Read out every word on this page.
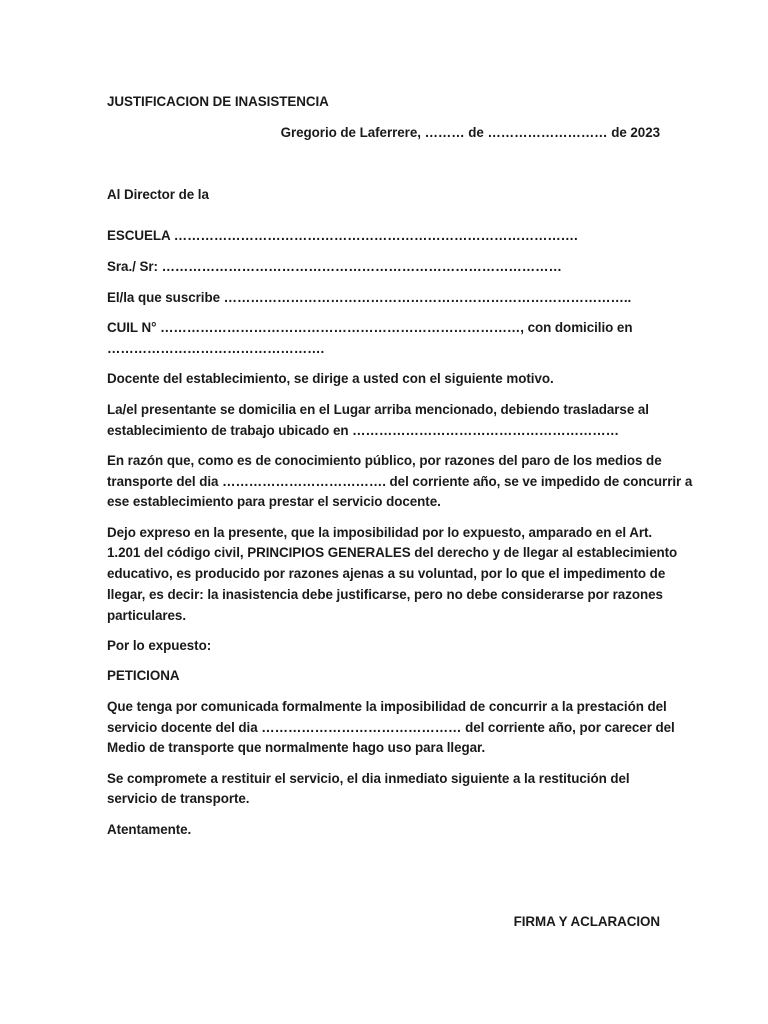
JUSTIFICACION DE INASISTENCIA
Gregorio de Laferrere, ……… de ……………………… de 2023
Al Director de la
ESCUELA ……………………………………………………………………………….
Sra./ Sr: ………………………………………………………………………………
El/la que suscribe ………………………………………………………………………………..
CUIL N° ………………………………………………………………………, con domicilio en
………………………………………….
Docente del establecimiento, se dirige a usted con el siguiente motivo.
La/el presentante se domicilia en el Lugar arriba mencionado, debiendo trasladarse al
establecimiento de trabajo ubicado en ……………………………………………………
En razón que, como es de conocimiento público, por razones del paro de los medios de
transporte del dia ………………………………. del corriente año, se ve impedido de concurrir a
ese establecimiento para prestar el servicio docente.
Dejo expreso en la presente, que la imposibilidad por lo expuesto, amparado en el Art.
1.201 del código civil, PRINCIPIOS GENERALES del derecho y de llegar al establecimiento
educativo, es producido por razones ajenas a su voluntad, por lo que el impedimento de
llegar, es decir: la inasistencia debe justificarse, pero no debe considerarse por razones
particulares.
Por lo expuesto:
PETICIONA
Que tenga por comunicada formalmente la imposibilidad de concurrir a la prestación del
servicio docente del dia ……………………………………… del corriente año, por carecer del
Medio de transporte que normalmente hago uso para llegar.
Se compromete a restituir el servicio, el dia inmediato siguiente a la restitución del
servicio de transporte.
Atentamente.
FIRMA Y ACLARACION
